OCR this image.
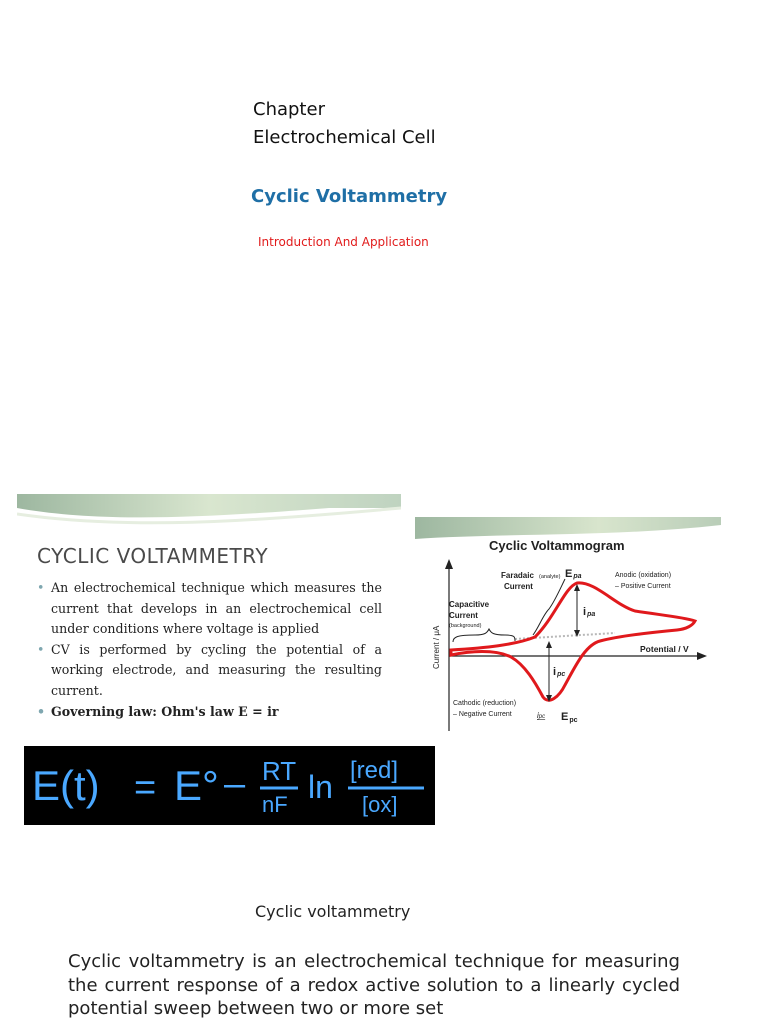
Chapter
Electrochemical Cell
Cyclic Voltammetry
Introduction And Application
CYCLIC VOLTAMMETRY
• An electrochemical technique which measures the current that develops in an electrochemical cell under conditions where voltage is applied
• CV is performed by cycling the potential of a working electrode, and measuring the resulting current.
• Governing law: Ohm's law E = ir
Cyclic Voltammogram
Current / μA	Potential / V
Faradaic
Current
(analyte)
Capacitive
Current
(background)
Epa
ipa
ipc
Anodic (oxidation)
– Positive Current
Cathodic (reduction)
– Negative Current	ipc Epc
E(t) = E° – RT
nF ln [red]
[ox]
Cyclic voltammetry
Cyclic voltammetry is an electrochemical technique for measuring the current response of a redox active solution to a linearly cycled potential sweep between two or more set
